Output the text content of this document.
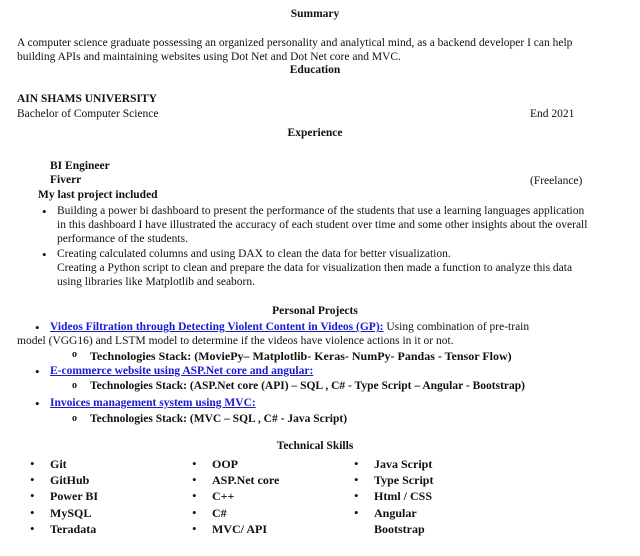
Summary
A computer science graduate possessing an organized personality and analytical mind, as a backend developer I can help
building APIs and maintaining websites using Dot Net and Dot Net core and MVC.
Education
AIN SHAMS UNIVERSITY
Bachelor of Computer Science	End 2021
Experience
BI Engineer
Fiverr	(Freelance)
My last project included
• Building a power bi dashboard to present the performance of the students that use a learning languages application
in this dashboard I have illustrated the accuracy of each student over time and some other insights about the overall
performance of the students.
• Creating calculated columns and using DAX to clean the data for better visualization.
Creating a Python script to clean and prepare the data for visualization then made a function to analyze this data
using libraries like Matplotlib and seaborn.
Personal Projects
• Videos Filtration through Detecting Violent Content in Videos (GP): Using combination of pre-train
model (VGG16) and LSTM model to determine if the videos have violence actions in it or not.
o Technologies Stack: (MoviePy– Matplotlib- Keras- NumPy- Pandas - Tensor Flow)
• E-commerce website using ASP.Net core and angular:
o Technologies Stack: (ASP.Net core (API) – SQL , C# - Type Script – Angular - Bootstrap)
• Invoices management system using MVC:
o Technologies Stack: (MVC – SQL , C# - Java Script)
Technical Skills
• Git
• GitHub
• Power BI
• MySQL
• Teradata
• OOP
• ASP.Net core
• C++
• C#
• MVC/ API
• Java Script
• Type Script
• Html / CSS
• Angular
Bootstrap
